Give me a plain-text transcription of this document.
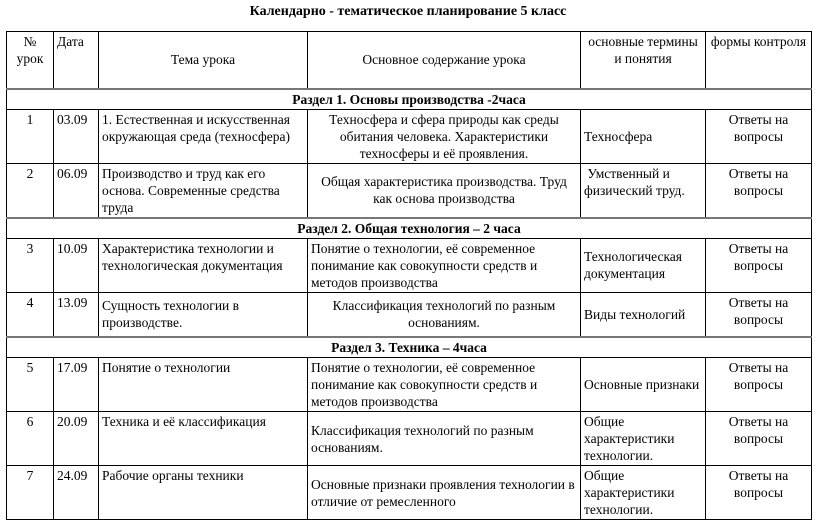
Календарно - тематическое планирование 5 класс
№ урок	Дата	Тема урока	Основное содержание урока	основные термины и понятия	формы контроля
Раздел 1. Основы производства -2часа					
1	03.09	1. Естественная и искусственная окружающая среда (техносфера)	Техносфера и сфера природы как среды обитания человека. Характеристики техносферы и её проявления.	Техносфера	Ответы на вопросы
2	06.09	Производство и труд как его основа. Современные средства труда	Общая характеристика производства. Труд как основа производства	Умственный и физический труд.	Ответы на вопросы
Раздел 2. Общая технология – 2 часа					
3	10.09	Характеристика технологии и технологическая документация	Понятие о технологии, её современное понимание как совокупности средств и методов производства	Технологическая документация	Ответы на вопросы
4	13.09	Сущность технологии в производстве.	Классификация технологий по разным основаниям.	Виды технологий	Ответы на вопросы
Раздел 3. Техника – 4часа					
5	17.09	Понятие о технологии	Понятие о технологии, её современное понимание как совокупности средств и методов производства	Основные признаки	Ответы на вопросы
6	20.09	Техника и её классификация	Классификация технологий по разным основаниям.	Общие характеристики технологии.	Ответы на вопросы
7	24.09	Рабочие органы техники	Основные признаки проявления технологии в отличие от ремесленного	Общие характеристики технологии.	Ответы на вопросы
